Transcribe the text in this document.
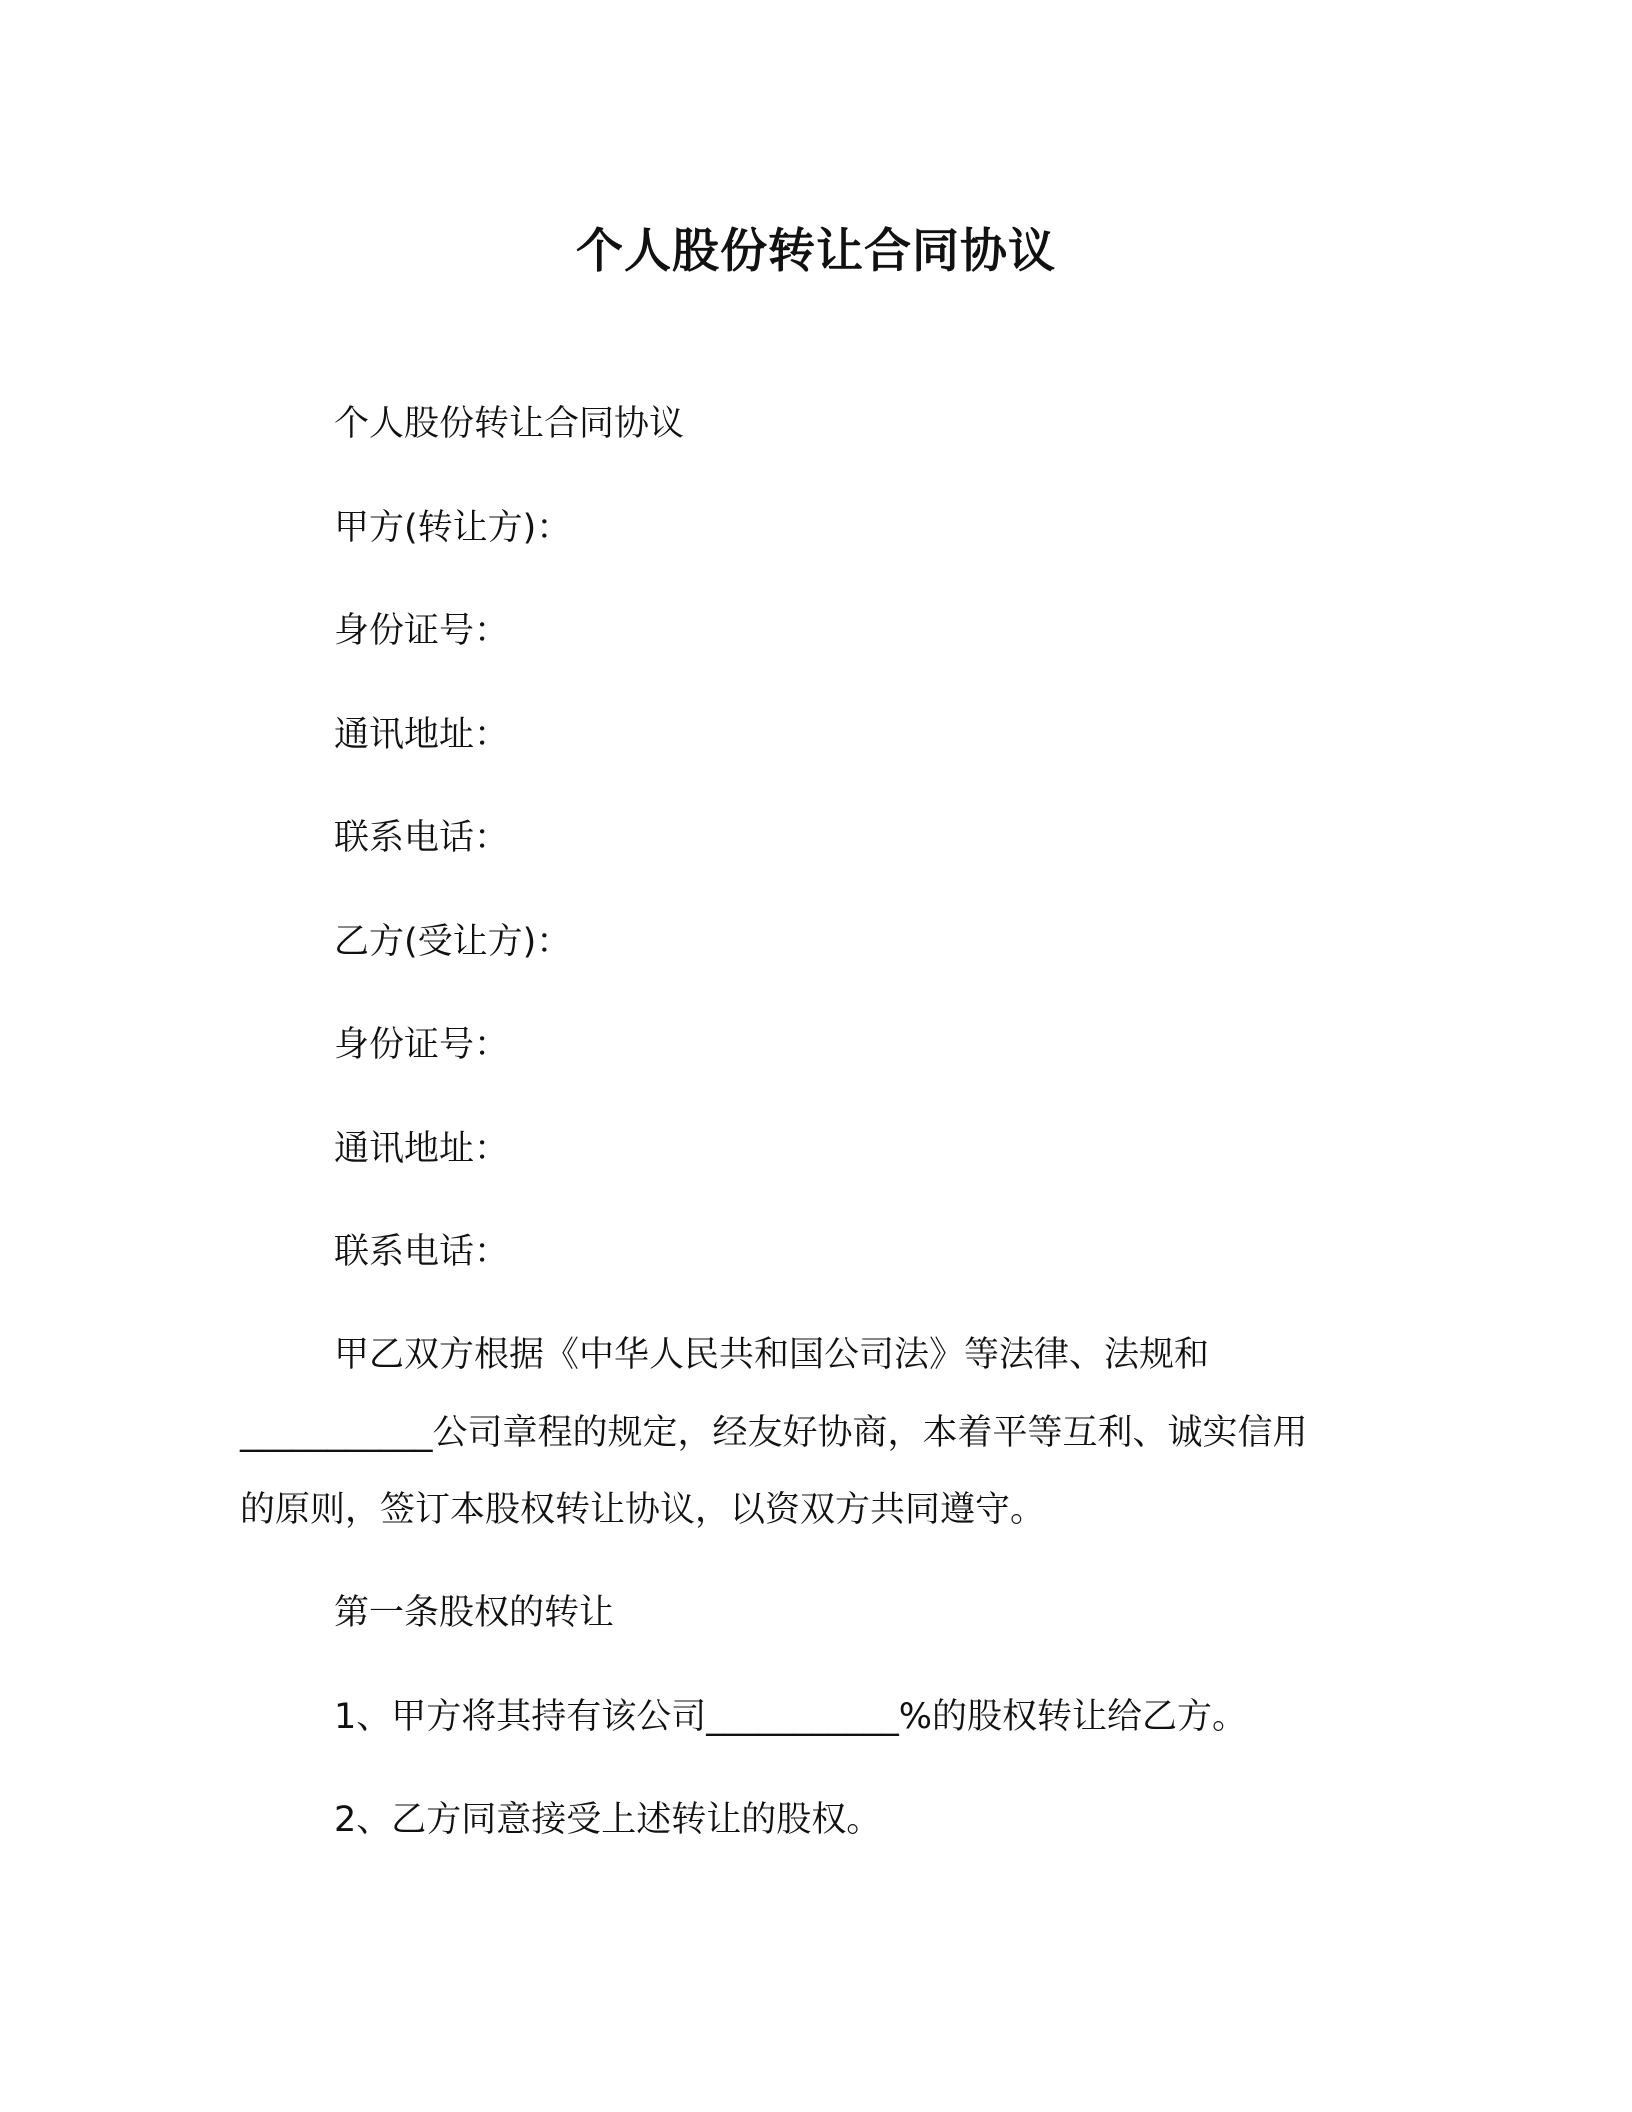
个人股份转让合同协议
个人股份转让合同协议
甲方(转让方)：
身份证号：
通讯地址：
联系电话：
乙方(受让方)：
身份证号：
通讯地址：
联系电话：
甲乙双方根据《中华人民共和国公司法》等法律、法规和
___________公司章程的规定，经友好协商，本着平等互利、诚实信用
的原则，签订本股权转让协议，以资双方共同遵守。
第一条股权的转让
1、甲方将其持有该公司___________%的股权转让给乙方。
2、乙方同意接受上述转让的股权。
